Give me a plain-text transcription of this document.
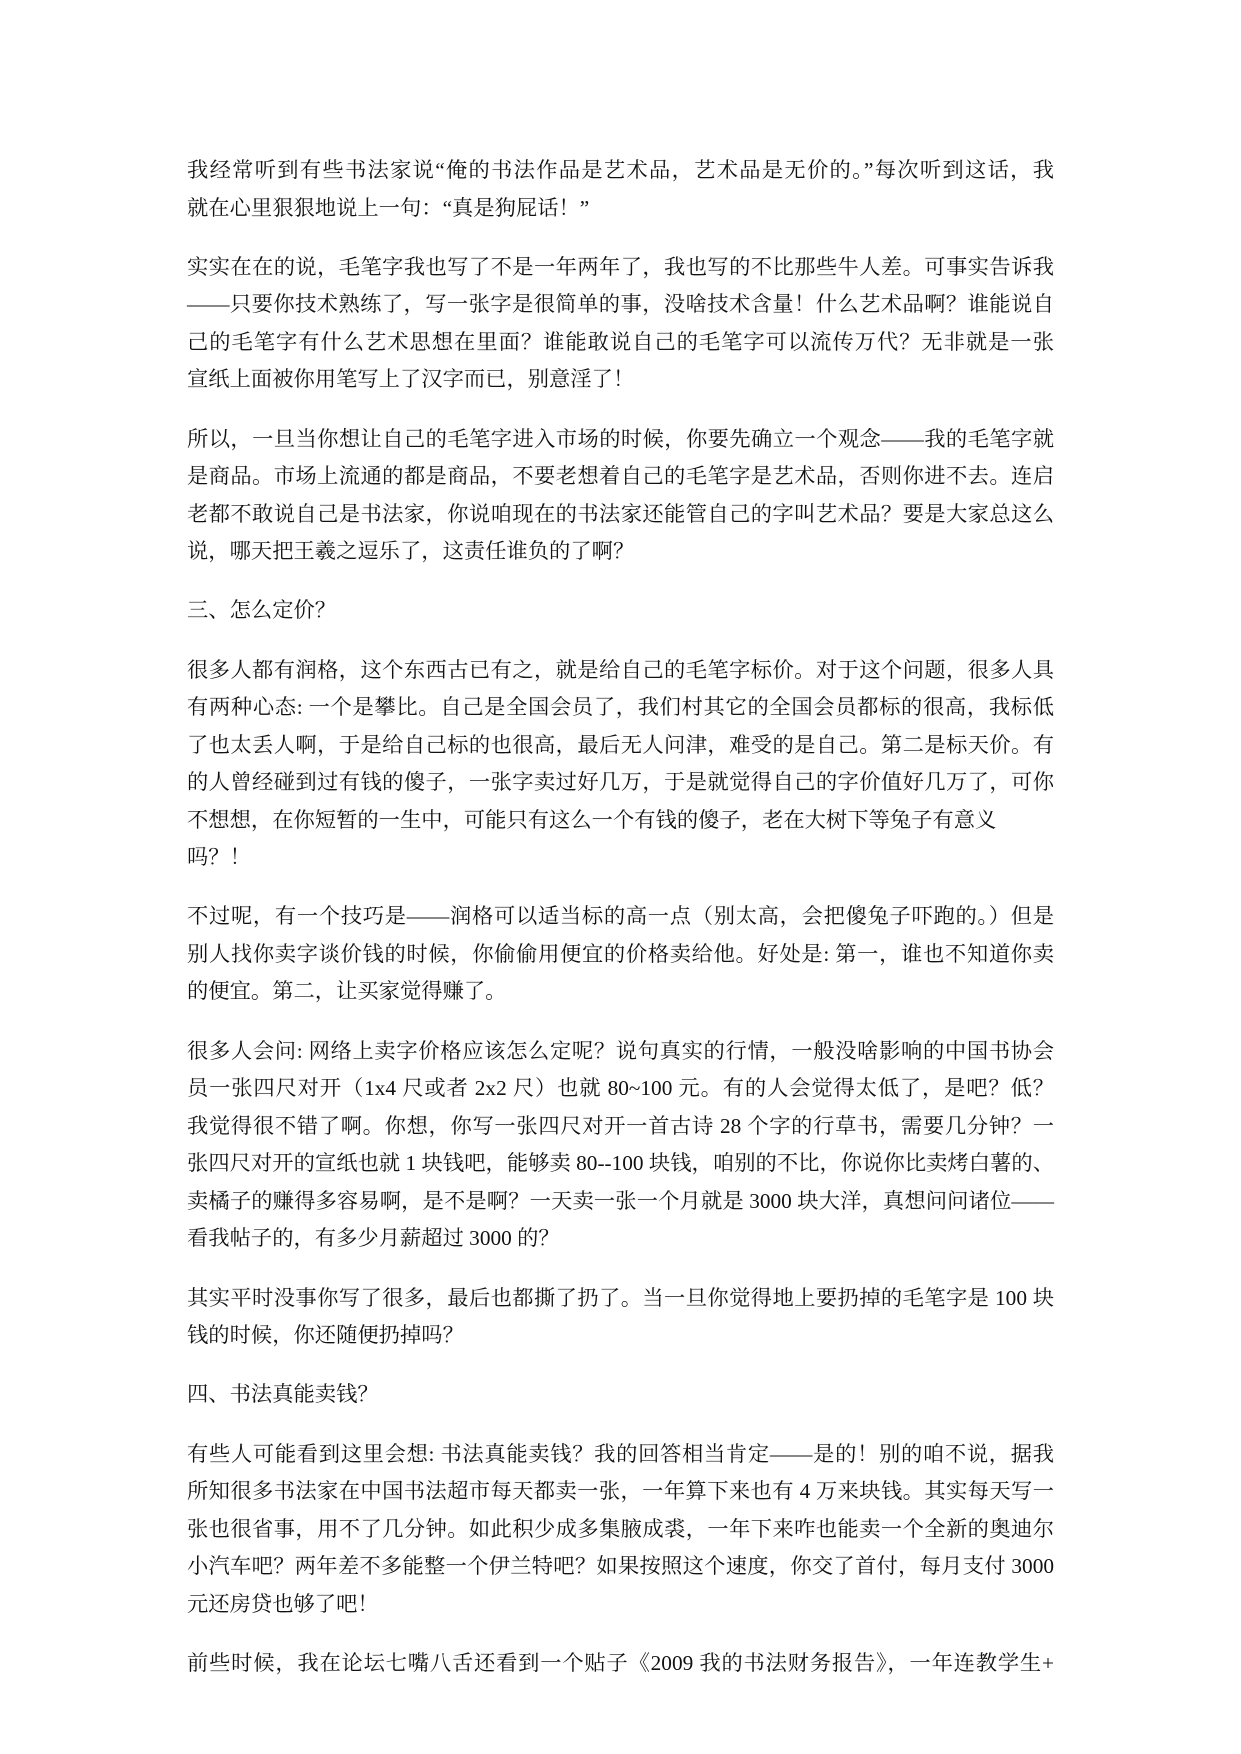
我经常听到有些书法家说“俺的书法作品是艺术品，艺术品是无价的。”每次听到这话，我
就在心里狠狠地说上一句：“真是狗屁话！”
实实在在的说，毛笔字我也写了不是一年两年了，我也写的不比那些牛人差。可事实告诉我
——只要你技术熟练了，写一张字是很简单的事，没啥技术含量！什么艺术品啊？谁能说自
己的毛笔字有什么艺术思想在里面？谁能敢说自己的毛笔字可以流传万代？无非就是一张
宣纸上面被你用笔写上了汉字而已，别意淫了！
所以，一旦当你想让自己的毛笔字进入市场的时候，你要先确立一个观念——我的毛笔字就
是商品。市场上流通的都是商品，不要老想着自己的毛笔字是艺术品，否则你进不去。连启
老都不敢说自己是书法家，你说咱现在的书法家还能管自己的字叫艺术品？要是大家总这么
说，哪天把王羲之逗乐了，这责任谁负的了啊？
三、怎么定价？
很多人都有润格，这个东西古已有之，就是给自己的毛笔字标价。对于这个问题，很多人具
有两种心态: 一个是攀比。自己是全国会员了，我们村其它的全国会员都标的很高，我标低
了也太丢人啊，于是给自己标的也很高，最后无人问津，难受的是自己。第二是标天价。有
的人曾经碰到过有钱的傻子，一张字卖过好几万，于是就觉得自己的字价值好几万了，可你
不想想，在你短暂的一生中，可能只有这么一个有钱的傻子，老在大树下等兔子有意义
吗？！
不过呢，有一个技巧是——润格可以适当标的高一点（别太高，会把傻兔子吓跑的。）但是
别人找你卖字谈价钱的时候，你偷偷用便宜的价格卖给他。好处是: 第一，谁也不知道你卖
的便宜。第二，让买家觉得赚了。
很多人会问: 网络上卖字价格应该怎么定呢？说句真实的行情，一般没啥影响的中国书协会
员一张四尺对开（1x4 尺或者 2x2 尺）也就 80~100 元。有的人会觉得太低了，是吧？低？
我觉得很不错了啊。你想，你写一张四尺对开一首古诗 28 个字的行草书，需要几分钟？一
张四尺对开的宣纸也就 1 块钱吧，能够卖 80--100 块钱，咱别的不比，你说你比卖烤白薯的、
卖橘子的赚得多容易啊，是不是啊？一天卖一张一个月就是 3000 块大洋，真想问问诸位——
看我帖子的，有多少月薪超过 3000 的？
其实平时没事你写了很多，最后也都撕了扔了。当一旦你觉得地上要扔掉的毛笔字是 100 块
钱的时候，你还随便扔掉吗？
四、书法真能卖钱？
有些人可能看到这里会想: 书法真能卖钱？我的回答相当肯定——是的！别的咱不说，据我
所知很多书法家在中国书法超市每天都卖一张，一年算下来也有 4 万来块钱。其实每天写一
张也很省事，用不了几分钟。如此积少成多集腋成裘，一年下来咋也能卖一个全新的奥迪尔
小汽车吧？两年差不多能整一个伊兰特吧？如果按照这个速度，你交了首付，每月支付 3000
元还房贷也够了吧！
前些时候，我在论坛七嘴八舌还看到一个贴子《2009 我的书法财务报告》，一年连教学生+
